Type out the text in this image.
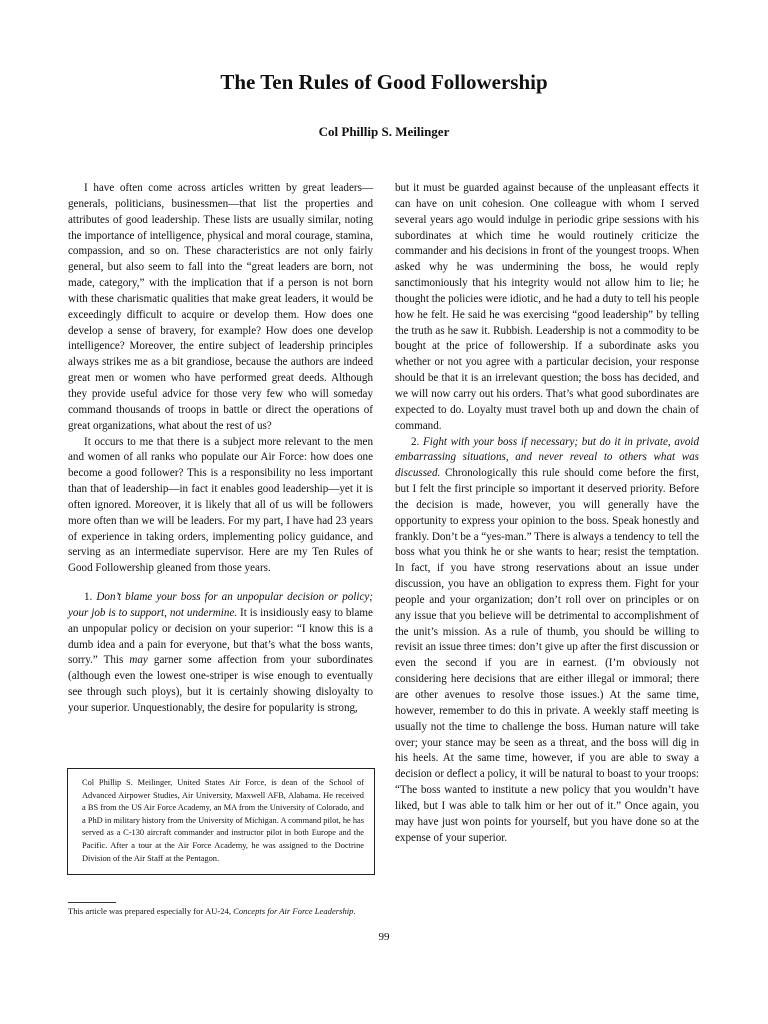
The Ten Rules of Good Followership
Col Phillip S. Meilinger

I have often come across articles written by great leaders—generals, politicians, businessmen—that list the properties and attributes of good leadership. These lists are usually similar, noting the importance of intelligence, physical and moral courage, stamina, compassion, and so on. These characteristics are not only fairly general, but also seem to fall into the “great leaders are born, not made, category,” with the implication that if a person is not born with these charismatic qualities that make great leaders, it would be exceedingly difficult to acquire or develop them. How does one develop a sense of bravery, for example? How does one develop intelligence? Moreover, the entire subject of leadership principles always strikes me as a bit grandiose, because the authors are indeed great men or women who have performed great deeds. Although they provide useful advice for those very few who will someday command thousands of troops in battle or direct the operations of great organizations, what about the rest of us?

It occurs to me that there is a subject more relevant to the men and women of all ranks who populate our Air Force: how does one become a good follower? This is a responsibility no less important than that of leadership—in fact it enables good leadership—yet it is often ignored. Moreover, it is likely that all of us will be followers more often than we will be leaders. For my part, I have had 23 years of experience in taking orders, implementing policy guidance, and serving as an intermediate supervisor. Here are my Ten Rules of Good Followership gleaned from those years.

1. Don’t blame your boss for an unpopular decision or policy; your job is to support, not undermine. It is insidiously easy to blame an unpopular policy or decision on your superior: “I know this is a dumb idea and a pain for everyone, but that’s what the boss wants, sorry.” This may garner some affection from your subordinates (although even the lowest one-striper is wise enough to eventually see through such ploys), but it is certainly showing disloyalty to your superior. Unquestionably, the desire for popularity is strong,

but it must be guarded against because of the unpleasant effects it can have on unit cohesion. One colleague with whom I served several years ago would indulge in periodic gripe sessions with his subordinates at which time he would routinely criticize the commander and his decisions in front of the youngest troops. When asked why he was undermining the boss, he would reply sanctimoniously that his integrity would not allow him to lie; he thought the policies were idiotic, and he had a duty to tell his people how he felt. He said he was exercising “good leadership” by telling the truth as he saw it. Rubbish. Leadership is not a commodity to be bought at the price of followership. If a subordinate asks you whether or not you agree with a particular decision, your response should be that it is an irrelevant question; the boss has decided, and we will now carry out his orders. That’s what good subordinates are expected to do. Loyalty must travel both up and down the chain of command.

2. Fight with your boss if necessary; but do it in private, avoid embarrassing situations, and never reveal to others what was discussed. Chronologically this rule should come before the first, but I felt the first principle so important it deserved priority. Before the decision is made, however, you will generally have the opportunity to express your opinion to the boss. Speak honestly and frankly. Don’t be a “yes-man.” There is always a tendency to tell the boss what you think he or she wants to hear; resist the temptation. In fact, if you have strong reservations about an issue under discussion, you have an obligation to express them. Fight for your people and your organization; don’t roll over on principles or on any issue that you believe will be detrimental to accomplishment of the unit’s mission. As a rule of thumb, you should be willing to revisit an issue three times: don’t give up after the first discussion or even the second if you are in earnest. (I’m obviously not considering here decisions that are either illegal or immoral; there are other avenues to resolve those issues.) At the same time, however, remember to do this in private. A weekly staff meeting is usually not the time to challenge the boss. Human nature will take over; your stance may be seen as a threat, and the boss will dig in his heels. At the same time, however, if you are able to sway a decision or deflect a policy, it will be natural to boast to your troops: “The boss wanted to institute a new policy that you wouldn’t have liked, but I was able to talk him or her out of it.” Once again, you may have just won points for yourself, but you have done so at the expense of your superior.

Col Phillip S. Meilinger, United States Air Force, is dean of the School of Advanced Airpower Studies, Air University, Maxwell AFB, Alabama. He received a BS from the US Air Force Academy, an MA from the University of Colorado, and a PhD in military history from the University of Michigan. A command pilot, he has served as a C-130 aircraft commander and instructor pilot in both Europe and the Pacific. After a tour at the Air Force Academy, he was assigned to the Doctrine Division of the Air Staff at the Pentagon.
This article was prepared especially for AU-24, Concepts for Air Force Leadership.
99
